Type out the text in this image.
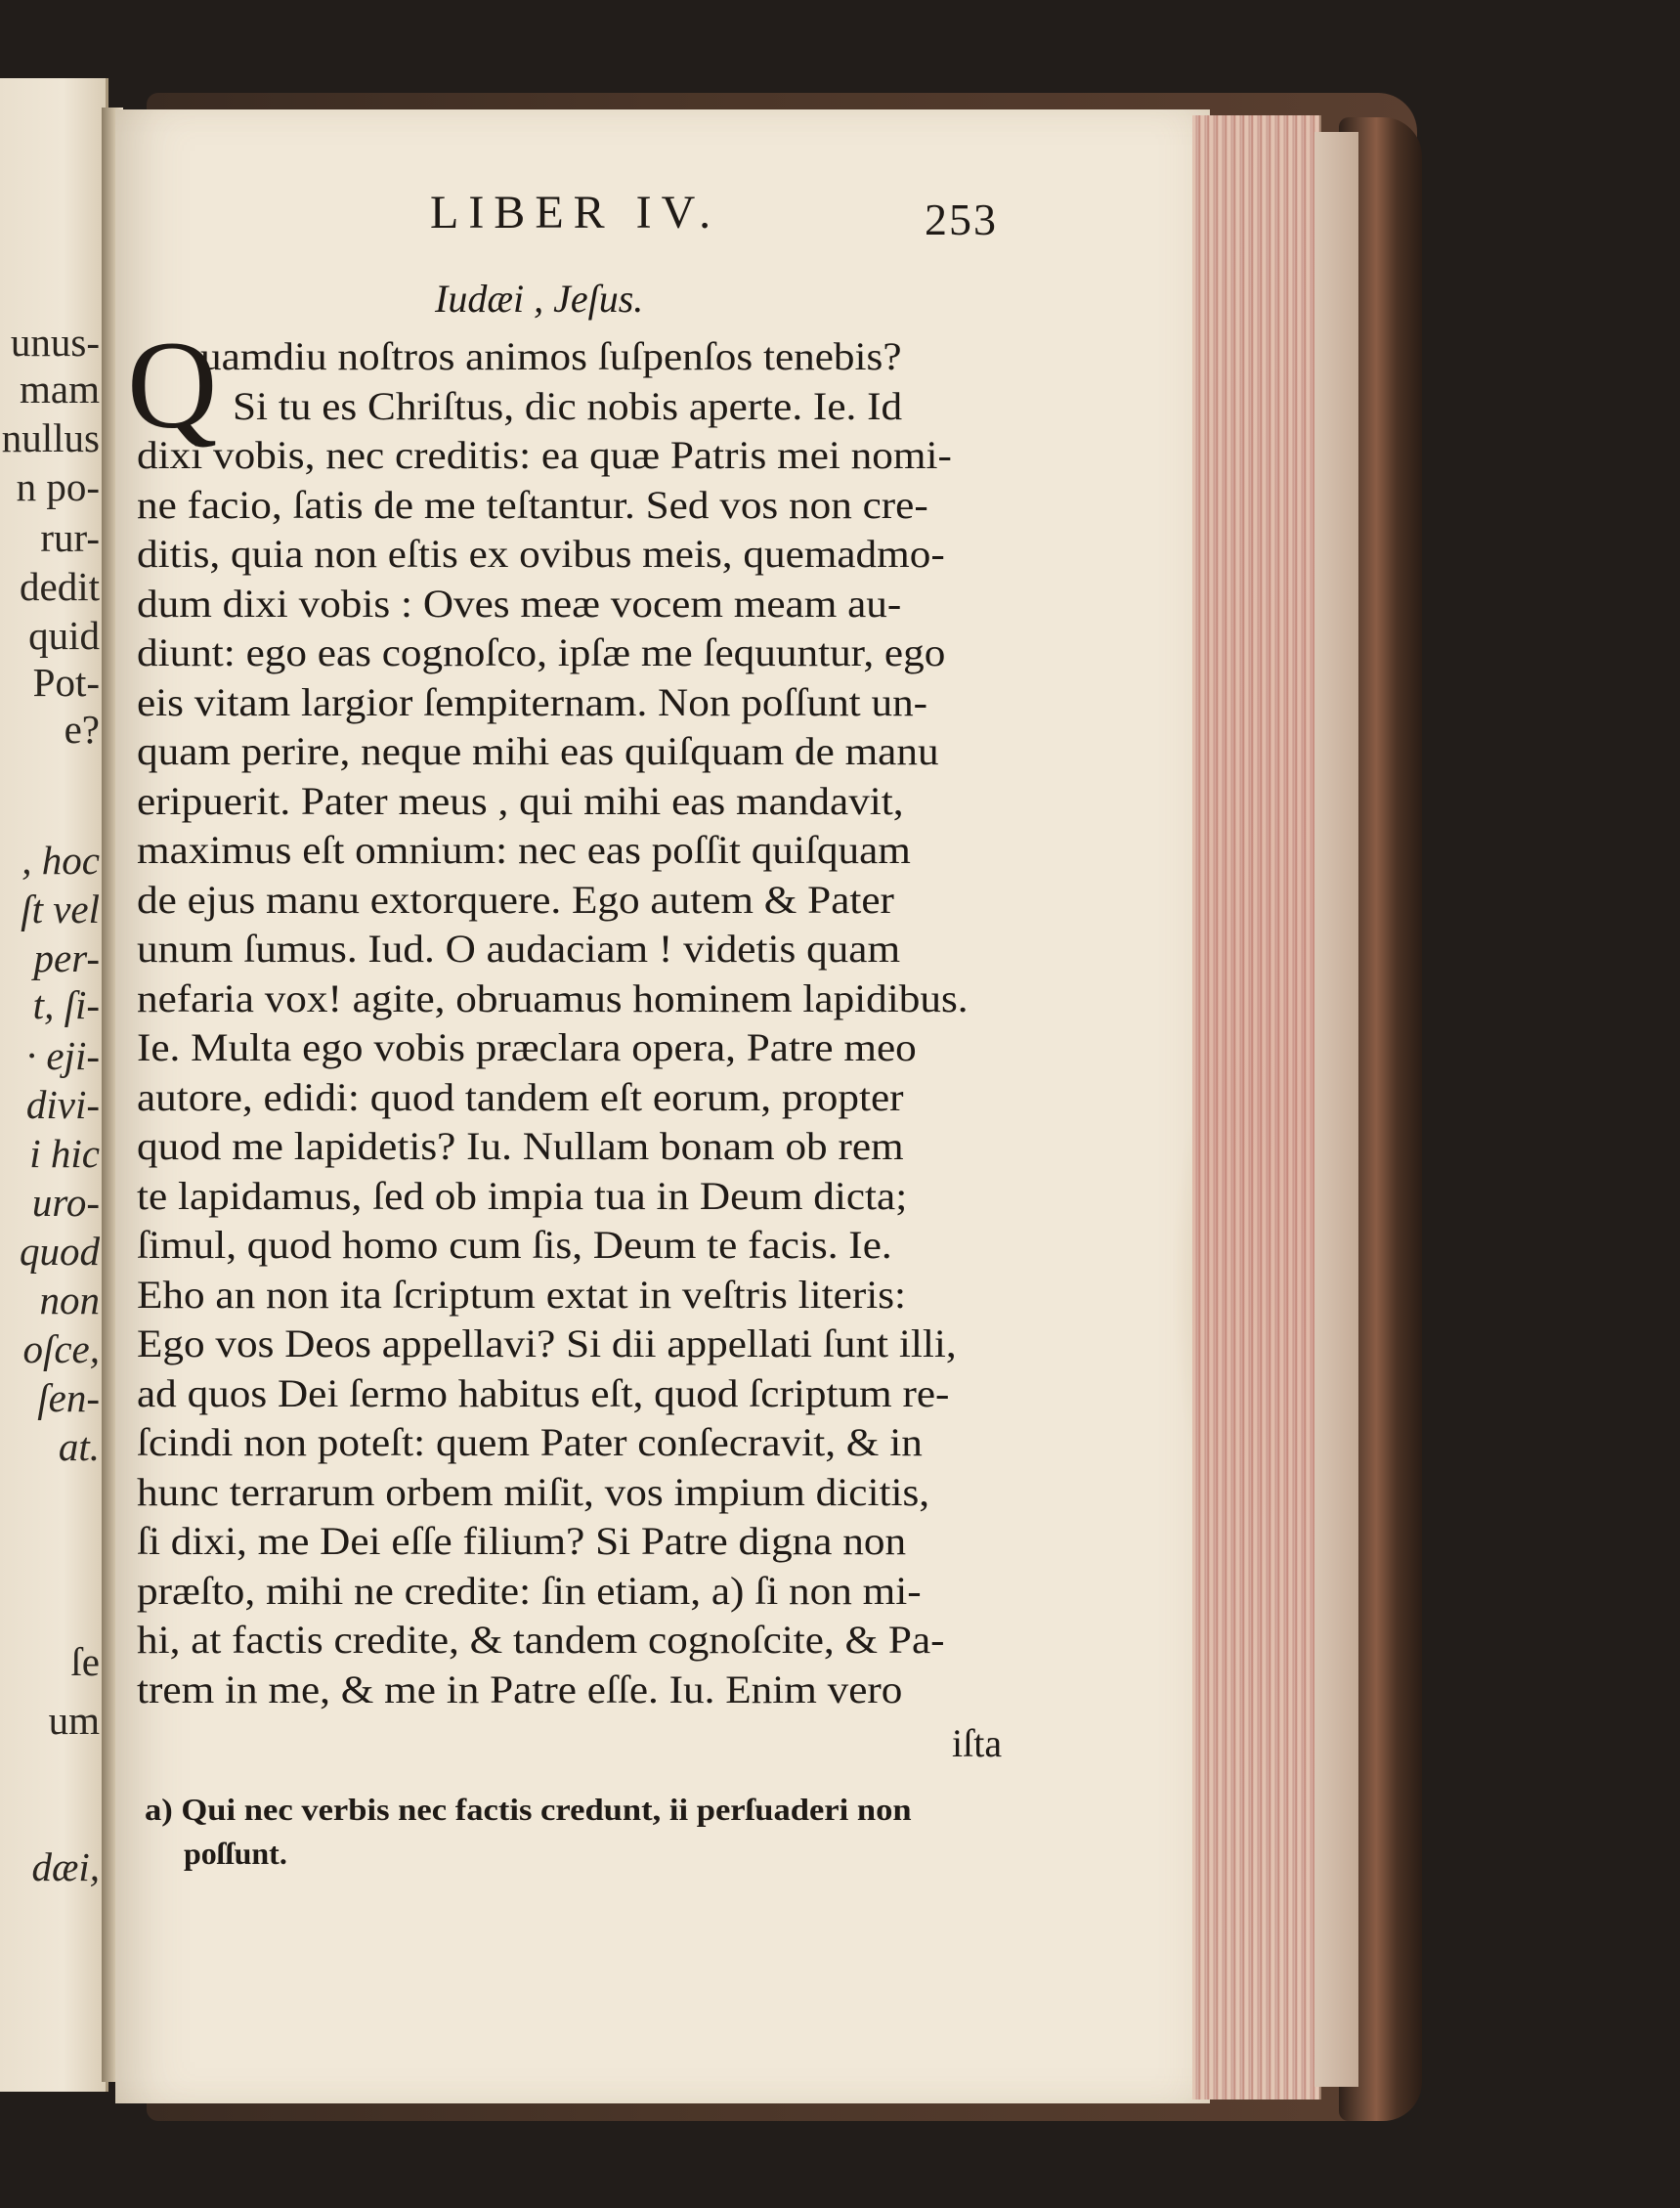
unus-
mam
nullus
n po-
rur-
dedit
quid
Pot-
e?
, hoc
ſt vel
per-
t, ſi-
· eji-
divi-
i hic
uro-
quod
non
oſce,
ſen-
at.
ſe
um
dæi,
LIBER IV.	253
Iudæi , Jeſus.
Q
uamdiu noſtros animos ſuſpenſos tenebis?
Si tu es Chriſtus, dic nobis aperte. Ie. Id
dixi vobis, nec creditis: ea quæ Patris mei nomi-
ne facio, ſatis de me teſtantur. Sed vos non cre-
ditis, quia non eſtis ex ovibus meis, quemadmo-
dum dixi vobis : Oves meæ vocem meam au-
diunt: ego eas cognoſco, ipſæ me ſequuntur, ego
eis vitam largior ſempiternam. Non poſſunt un-
quam perire, neque mihi eas quiſquam de manu
eripuerit. Pater meus , qui mihi eas mandavit,
maximus eſt omnium: nec eas poſſit quiſquam
de ejus manu extorquere. Ego autem & Pater
unum ſumus. Iud. O audaciam ! videtis quam
nefaria vox! agite, obruamus hominem lapidibus.
Ie. Multa ego vobis præclara opera, Patre meo
autore, edidi: quod tandem eſt eorum, propter
quod me lapidetis? Iu. Nullam bonam ob rem
te lapidamus, ſed ob impia tua in Deum dicta;
ſimul, quod homo cum ſis, Deum te facis. Ie.
Eho an non ita ſcriptum extat in veſtris literis:
Ego vos Deos appellavi? Si dii appellati ſunt illi,
ad quos Dei ſermo habitus eſt, quod ſcriptum re-
ſcindi non poteſt: quem Pater conſecravit, & in
hunc terrarum orbem miſit, vos impium dicitis,
ſi dixi, me Dei eſſe filium? Si Patre digna non
præſto, mihi ne credite: ſin etiam, a) ſi non mi-
hi, at factis credite, & tandem cognoſcite, & Pa-
trem in me, & me in Patre eſſe. Iu. Enim vero
iſta
a) Qui nec verbis nec factis credunt, ii perſuaderi non
poſſunt.
